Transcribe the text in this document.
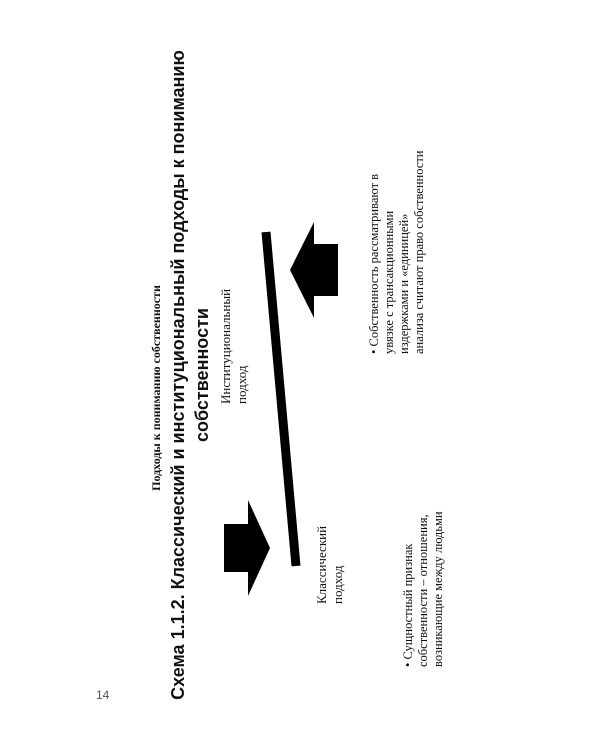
14	Схема 1.1.2. Классический и институциональный подходы к пониманию собственности
Подходы к пониманию собственности
Классический подход
Институциональный подход
• Сущностный признак собственности – отношения, возникающие между людьми
• Собственность рассматривают в увязке с трансакционными издержками и «единицей» анализа считают право собственности
